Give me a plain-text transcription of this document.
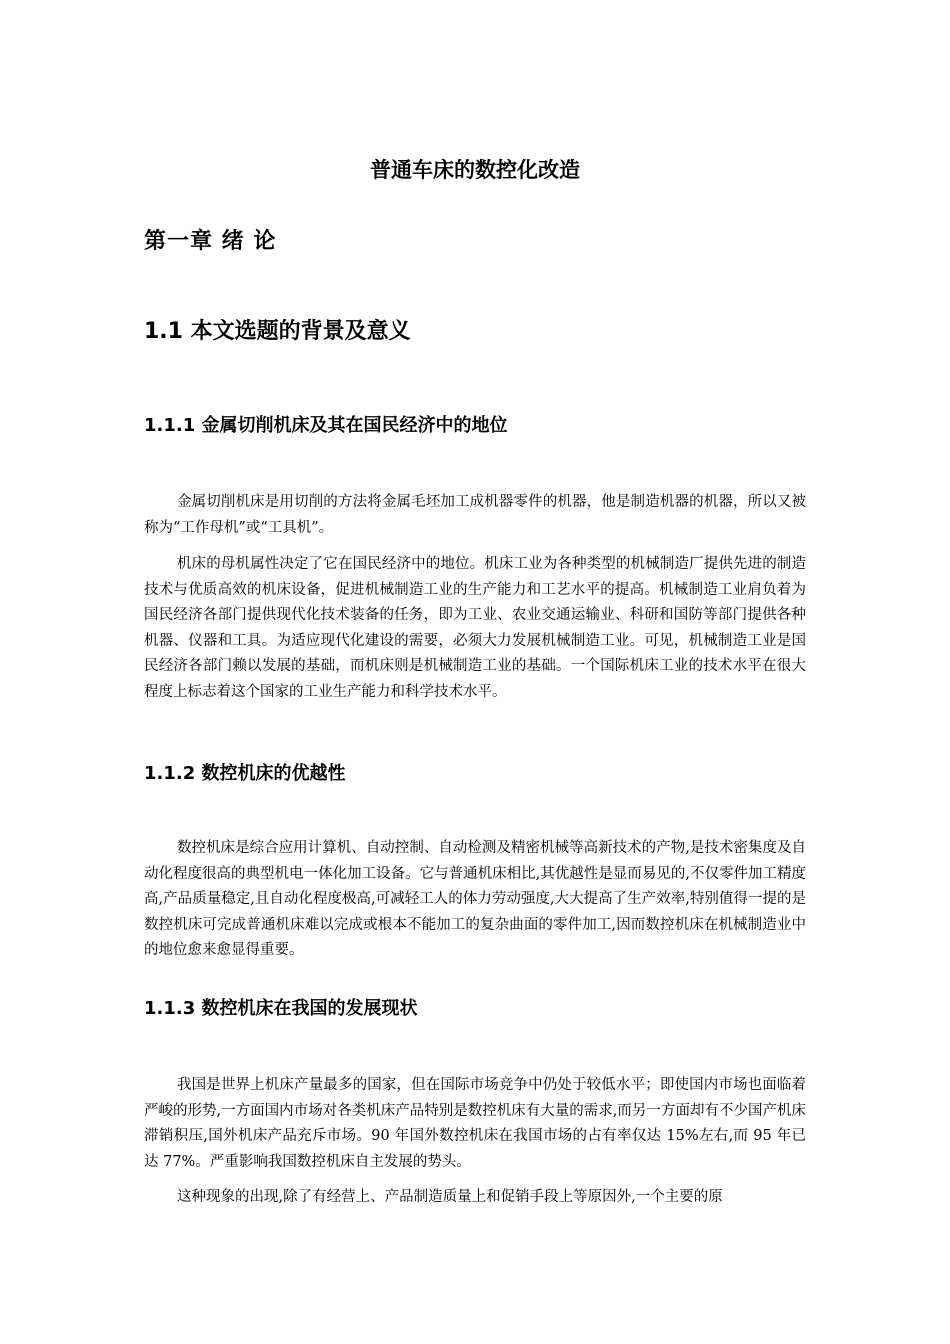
普通车床的数控化改造
第一章 绪 论
1.1 本文选题的背景及意义
1.1.1 金属切削机床及其在国民经济中的地位

金属切削机床是用切削的方法将金属毛坯加工成机器零件的机器，他是制造机器的机器，所以又被称为“工作母机”或“工具机”。

机床的母机属性决定了它在国民经济中的地位。机床工业为各种类型的机械制造厂提供先进的制造技术与优质高效的机床设备，促进机械制造工业的生产能力和工艺水平的提高。机械制造工业肩负着为国民经济各部门提供现代化技术装备的任务，即为工业、农业交通运输业、科研和国防等部门提供各种机器、仪器和工具。为适应现代化建设的需要，必须大力发展机械制造工业。可见，机械制造工业是国民经济各部门赖以发展的基础，而机床则是机械制造工业的基础。一个国际机床工业的技术水平在很大程度上标志着这个国家的工业生产能力和科学技术水平。

1.1.2 数控机床的优越性

数控机床是综合应用计算机、自动控制、自动检测及精密机械等高新技术的产物,是技术密集度及自动化程度很高的典型机电一体化加工设备。它与普通机床相比,其优越性是显而易见的,不仅零件加工精度高,产品质量稳定,且自动化程度极高,可减轻工人的体力劳动强度,大大提高了生产效率,特别值得一提的是数控机床可完成普通机床难以完成或根本不能加工的复杂曲面的零件加工,因而数控机床在机械制造业中的地位愈来愈显得重要。

1.1.3 数控机床在我国的发展现状

我国是世界上机床产量最多的国家，但在国际市场竞争中仍处于较低水平；即使国内市场也面临着严峻的形势,一方面国内市场对各类机床产品特别是数控机床有大量的需求,而另一方面却有不少国产机床滞销积压,国外机床产品充斥市场。90 年国外数控机床在我国市场的占有率仅达 15%左右,而 95 年已达 77%。严重影响我国数控机床自主发展的势头。

这种现象的出现,除了有经营上、产品制造质量上和促销手段上等原因外,一个主要的原
